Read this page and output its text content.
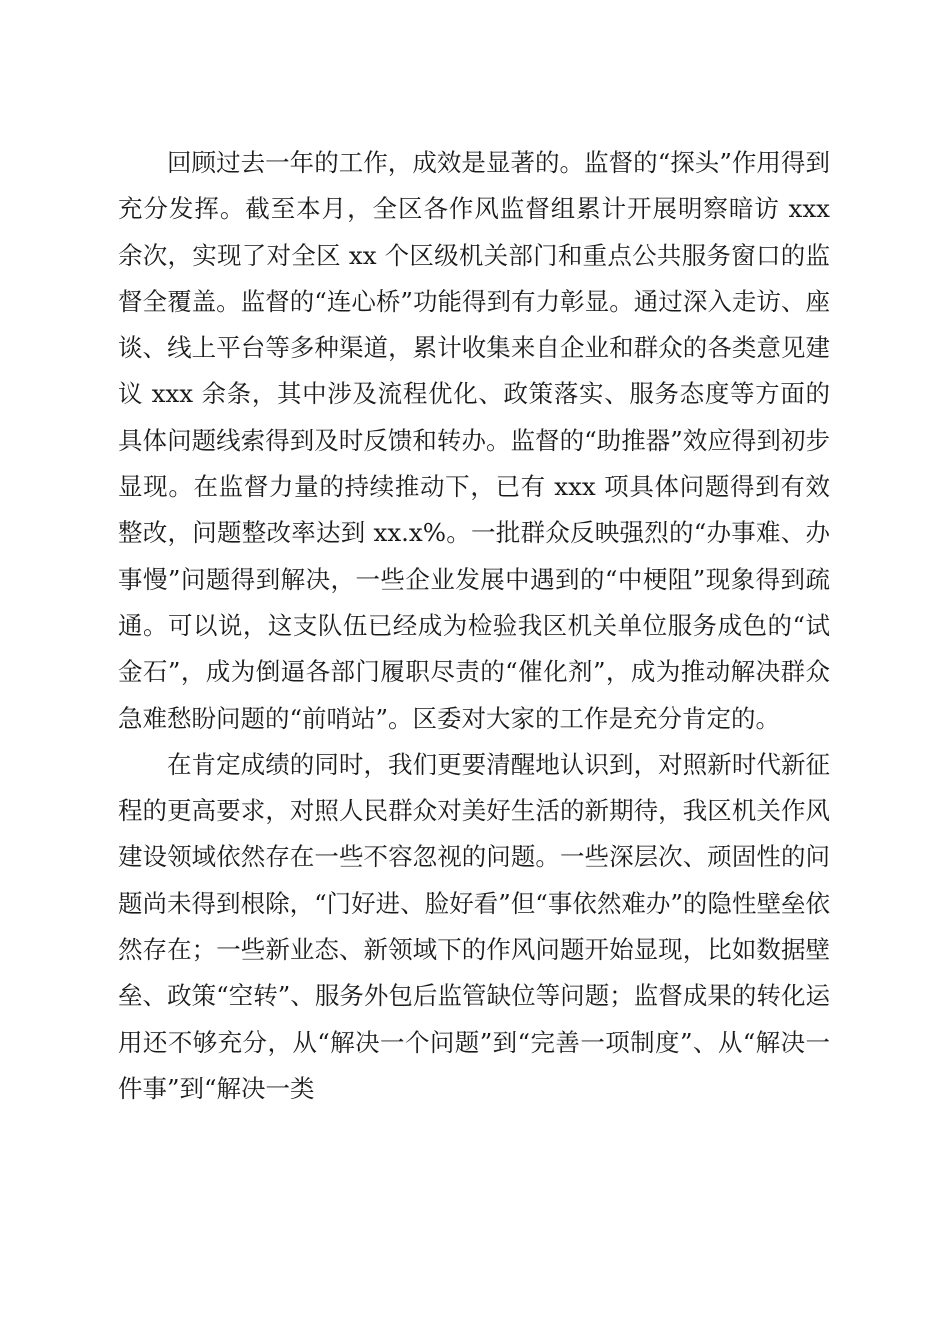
回顾过去一年的工作，成效是显著的。监督的“探头”作用得到充分发挥。截至本月，全区各作风监督组累计开展明察暗访 xxx 余次，实现了对全区 xx 个区级机关部门和重点公共服务窗口的监督全覆盖。监督的“连心桥”功能得到有力彰显。通过深入走访、座谈、线上平台等多种渠道，累计收集来自企业和群众的各类意见建议 xxx 余条，其中涉及流程优化、政策落实、服务态度等方面的具体问题线索得到及时反馈和转办。监督的“助推器”效应得到初步显现。在监督力量的持续推动下，已有 xxx 项具体问题得到有效整改，问题整改率达到 xx.x%。一批群众反映强烈的“办事难、办事慢”问题得到解决，一些企业发展中遇到的“中梗阻”现象得到疏通。可以说，这支队伍已经成为检验我区机关单位服务成色的“试金石”，成为倒逼各部门履职尽责的“催化剂”，成为推动解决群众急难愁盼问题的“前哨站”。区委对大家的工作是充分肯定的。

在肯定成绩的同时，我们更要清醒地认识到，对照新时代新征程的更高要求，对照人民群众对美好生活的新期待，我区机关作风建设领域依然存在一些不容忽视的问题。一些深层次、顽固性的问题尚未得到根除，“门好进、脸好看”但“事依然难办”的隐性壁垒依然存在；一些新业态、新领域下的作风问题开始显现，比如数据壁垒、政策“空转”、服务外包后监管缺位等问题；监督成果的转化运用还不够充分，从“解决一个问题”到“完善一项制度”、从“解决一件事”到“解决一类
